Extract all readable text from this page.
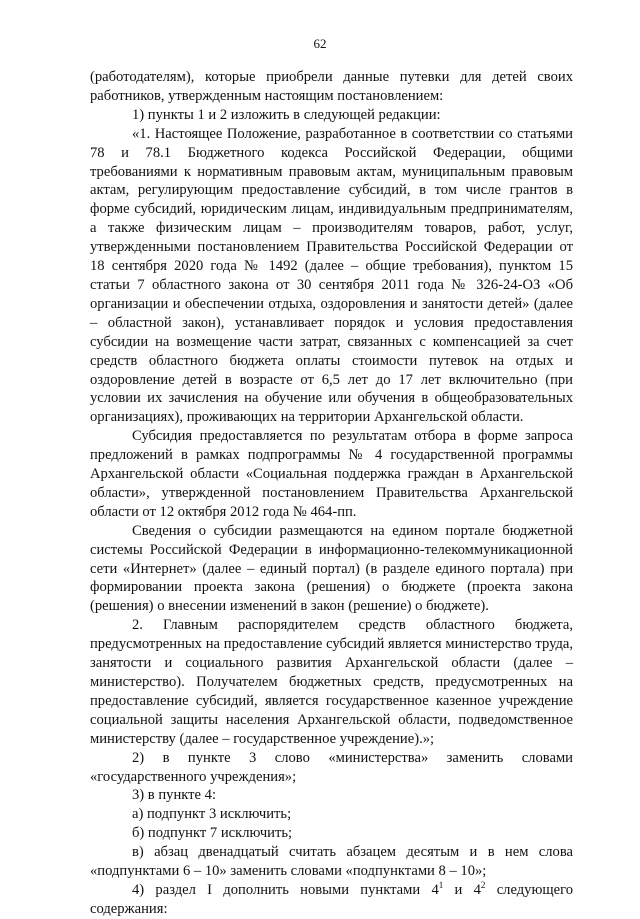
62

(работодателям), которые приобрели данные путевки для детей своих работников, утвержденным настоящим постановлением:

1) пункты 1 и 2 изложить в следующей редакции:

«1. Настоящее Положение, разработанное в соответствии со статьями 78 и 78.1 Бюджетного кодекса Российской Федерации, общими требованиями к нормативным правовым актам, муниципальным правовым актам, регулирующим предоставление субсидий, в том числе грантов в форме субсидий, юридическим лицам, индивидуальным предпринимателям, а также физическим лицам – производителям товаров, работ, услуг, утвержденными постановлением Правительства Российской Федерации от 18 сентября 2020 года № 1492 (далее – общие требования), пунктом 15 статьи 7 областного закона от 30 сентября 2011 года № 326-24-ОЗ «Об организации и обеспечении отдыха, оздоровления и занятости детей» (далее – областной закон), устанавливает порядок и условия предоставления субсидии на возмещение части затрат, связанных с компенсацией за счет средств областного бюджета оплаты стоимости путевок на отдых и оздоровление детей в возрасте от 6,5 лет до 17 лет включительно (при условии их зачисления на обучение или обучения в общеобразовательных организациях), проживающих на территории Архангельской области.

Субсидия предоставляется по результатам отбора в форме запроса предложений в рамках подпрограммы № 4 государственной программы Архангельской области «Социальная поддержка граждан в Архангельской области», утвержденной постановлением Правительства Архангельской области от 12 октября 2012 года № 464-пп.

Сведения о субсидии размещаются на едином портале бюджетной системы Российской Федерации в информационно-телекоммуникационной сети «Интернет» (далее – единый портал) (в разделе единого портала) при формировании проекта закона (решения) о бюджете (проекта закона (решения) о внесении изменений в закон (решение) о бюджете).

2. Главным распорядителем средств областного бюджета, предусмотренных на предоставление субсидий является министерство труда, занятости и социального развития Архангельской области (далее – министерство). Получателем бюджетных средств, предусмотренных на предоставление субсидий, является государственное казенное учреждение социальной защиты населения Архангельской области, подведомственное министерству (далее – государственное учреждение).»;

2) в пункте 3 слово «министерства» заменить словами «государственного учреждения»;

3) в пункте 4:

а) подпункт 3 исключить;

б) подпункт 7 исключить;

в) абзац двенадцатый считать абзацем десятым и в нем слова «подпунктами 6 – 10» заменить словами «подпунктами 8 – 10»;

4) раздел I дополнить новыми пунктами $4^1$ и $4^2$ следующего содержания:
